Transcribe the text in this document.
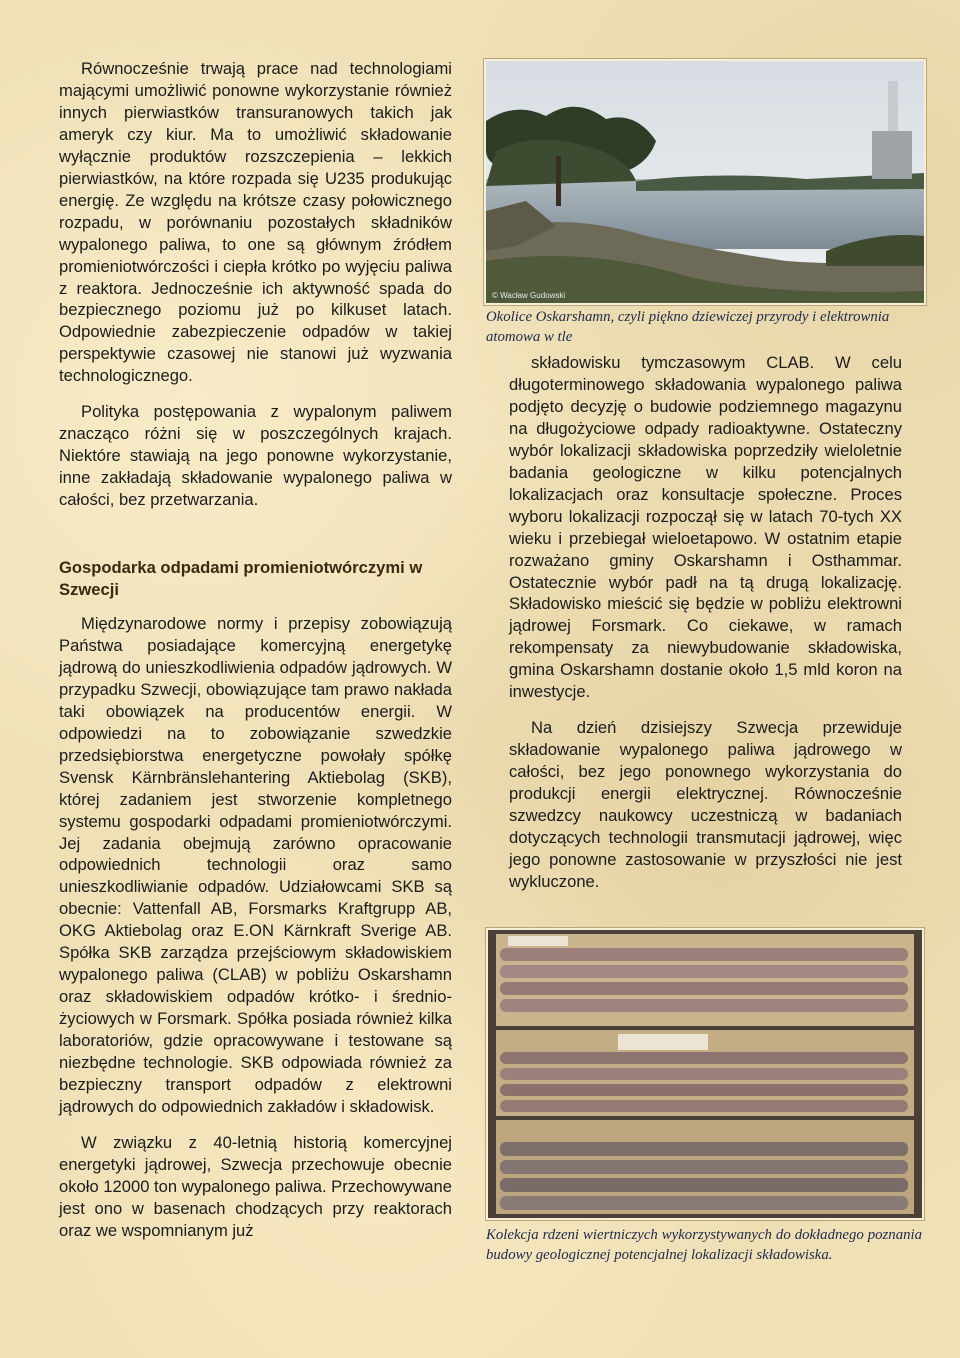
Równocześnie trwają prace nad technologiami mającymi umożliwić ponowne wykorzystanie również innych pierwiastków transuranowych takich jak ameryk czy kiur. Ma to umożliwić składowanie wyłącznie produktów rozszczepienia – lekkich pierwiastków, na które rozpada się U235 produkując energię. Ze względu na krótsze czasy połowicznego rozpadu, w porównaniu pozostałych składników wypalonego paliwa, to one są głównym źródłem promieniotwórczości i ciepła krótko po wyjęciu paliwa z reaktora. Jednocześnie ich aktywność spada do bezpiecznego poziomu już po kilkuset latach. Odpowiednie zabezpieczenie odpadów w takiej perspektywie czasowej nie stanowi już wyzwania technologicznego.

Polityka postępowania z wypalonym paliwem znacząco różni się w poszczególnych krajach. Niektóre stawiają na jego ponowne wykorzystanie, inne zakładają składowanie wypalonego paliwa w całości, bez przetwarzania.

Gospodarka odpadami promieniotwórczymi w Szwecji

Międzynarodowe normy i przepisy zobowiązują Państwa posiadające komercyjną energetykę jądrową do unieszkodliwienia odpadów jądrowych. W przypadku Szwecji, obowiązujące tam prawo nakłada taki obowiązek na producentów energii. W odpowiedzi na to zobowiązanie szwedzkie przedsiębiorstwa energetyczne powołały spółkę Svensk Kärnbränslehantering Aktiebolag (SKB), której zadaniem jest stworzenie kompletnego systemu gospodarki odpadami promieniotwórczymi. Jej zadania obejmują zarówno opracowanie odpowiednich technologii oraz samo unieszkodliwianie odpadów. Udziałowcami SKB są obecnie: Vattenfall AB, Forsmarks Kraftgrupp AB, OKG Aktiebolag oraz E.ON Kärnkraft Sverige AB. Spółka SKB zarządza przejściowym składowiskiem wypalonego paliwa (CLAB) w pobliżu Oskarshamn oraz składowiskiem odpadów krótko- i średnio-życiowych w Forsmark. Spółka posiada również kilka laboratoriów, gdzie opracowywane i testowane są niezbędne technologie. SKB odpowiada również za bezpieczny transport odpadów z elektrowni jądrowych do odpowiednich zakładów i składowisk.

W związku z 40-letnią historią komercyjnej energetyki jądrowej, Szwecja przechowuje obecnie około 12000 ton wypalonego paliwa. Przechowywane jest ono w basenach chodzących przy reaktorach oraz we wspomnianym już

© Wacław Gudowski
Okolice Oskarshamn, czyli piękno dziewiczej przyrody i elektrownia atomowa w tle

składowisku tymczasowym CLAB. W celu długoterminowego składowania wypalonego paliwa podjęto decyzję o budowie podziemnego magazynu na długożyciowe odpady radioaktywne. Ostateczny wybór lokalizacji składowiska poprzedziły wieloletnie badania geologiczne w kilku potencjalnych lokalizacjach oraz konsultacje społeczne. Proces wyboru lokalizacji rozpoczął się w latach 70-tych XX wieku i przebiegał wieloetapowo. W ostatnim etapie rozważano gminy Oskarshamn i Osthammar. Ostatecznie wybór padł na tą drugą lokalizację. Składowisko mieścić się będzie w pobliżu elektrowni jądrowej Forsmark. Co ciekawe, w ramach rekompensaty za niewybudowanie składowiska, gmina Oskarshamn dostanie około 1,5 mld koron na inwestycje.

Na dzień dzisiejszy Szwecja przewiduje składowanie wypalonego paliwa jądrowego w całości, bez jego ponownego wykorzystania do produkcji energii elektrycznej. Równocześnie szwedzcy naukowcy uczestniczą w badaniach dotyczących technologii transmutacji jądrowej, więc jego ponowne zastosowanie w przyszłości nie jest wykluczone.

Kolekcja rdzeni wiertniczych wykorzystywanych do dokładnego poznania budowy geologicznej potencjalnej lokalizacji składowiska.
